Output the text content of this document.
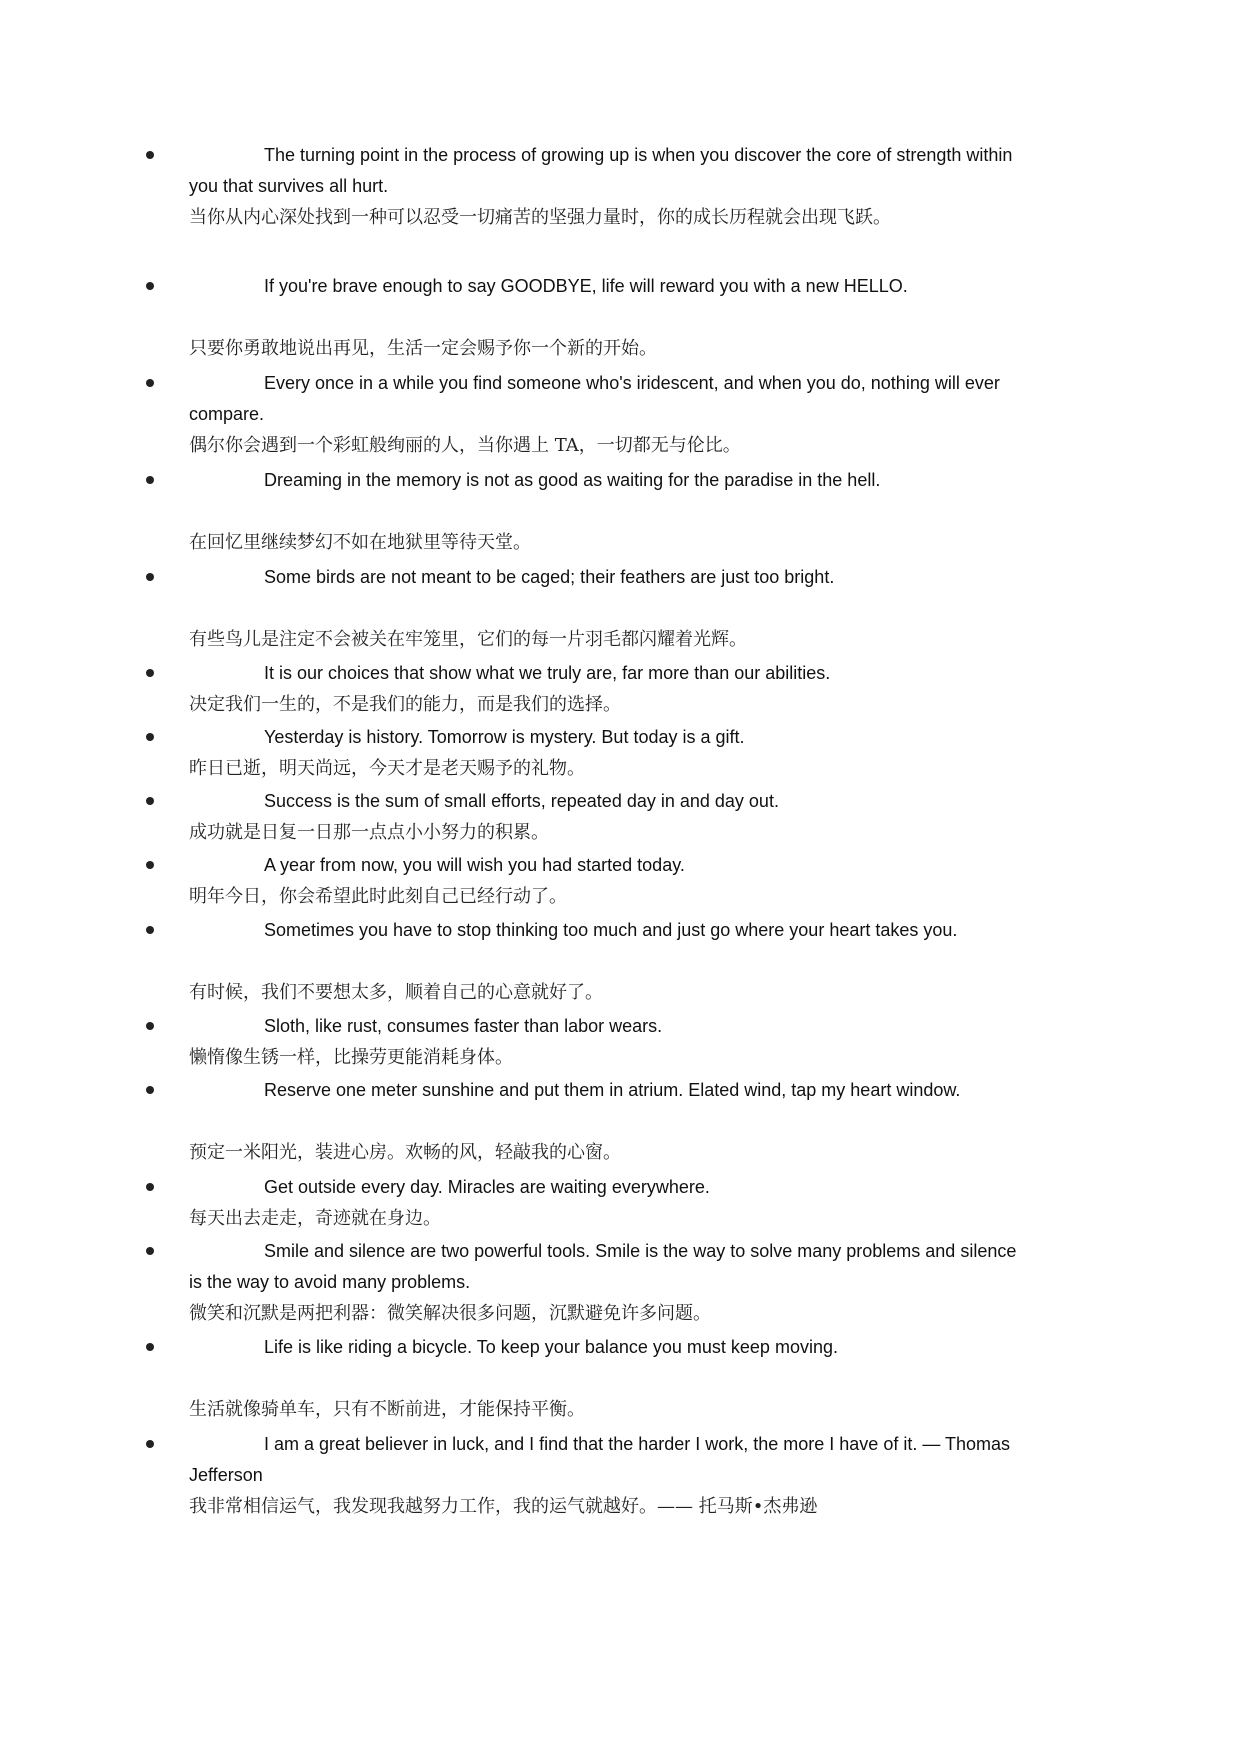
The turning point in the process of growing up is when you discover the core of strength within
you that survives all hurt.
当你从内心深处找到一种可以忍受一切痛苦的坚强力量时，你的成长历程就会出现飞跃。
If you're brave enough to say GOODBYE, life will reward you with a new HELLO.
只要你勇敢地说出再见，生活一定会赐予你一个新的开始。
Every once in a while you find someone who's iridescent, and when you do, nothing will ever
compare.
偶尔你会遇到一个彩虹般绚丽的人，当你遇上 TA，一切都无与伦比。
Dreaming in the memory is not as good as waiting for the paradise in the hell.
在回忆里继续梦幻不如在地狱里等待天堂。
Some birds are not meant to be caged; their feathers are just too bright.
有些鸟儿是注定不会被关在牢笼里，它们的每一片羽毛都闪耀着光辉。
It is our choices that show what we truly are, far more than our abilities.
决定我们一生的，不是我们的能力，而是我们的选择。
Yesterday is history. Tomorrow is mystery. But today is a gift.
昨日已逝，明天尚远，今天才是老天赐予的礼物。
Success is the sum of small efforts, repeated day in and day out.
成功就是日复一日那一点点小小努力的积累。
A year from now, you will wish you had started today.
明年今日，你会希望此时此刻自己已经行动了。
Sometimes you have to stop thinking too much and just go where your heart takes you.
有时候，我们不要想太多，顺着自己的心意就好了。
Sloth, like rust, consumes faster than labor wears.
懒惰像生锈一样，比操劳更能消耗身体。
Reserve one meter sunshine and put them in atrium. Elated wind, tap my heart window.
预定一米阳光，装进心房。欢畅的风，轻敲我的心窗。
Get outside every day. Miracles are waiting everywhere.
每天出去走走，奇迹就在身边。
Smile and silence are two powerful tools. Smile is the way to solve many problems and silence
is the way to avoid many problems.
微笑和沉默是两把利器：微笑解决很多问题，沉默避免许多问题。
Life is like riding a bicycle. To keep your balance you must keep moving.
生活就像骑单车，只有不断前进，才能保持平衡。
I am a great believer in luck, and I find that the harder I work, the more I have of it. — Thomas
Jefferson
我非常相信运气，我发现我越努力工作，我的运气就越好。—— 托马斯•杰弗逊
